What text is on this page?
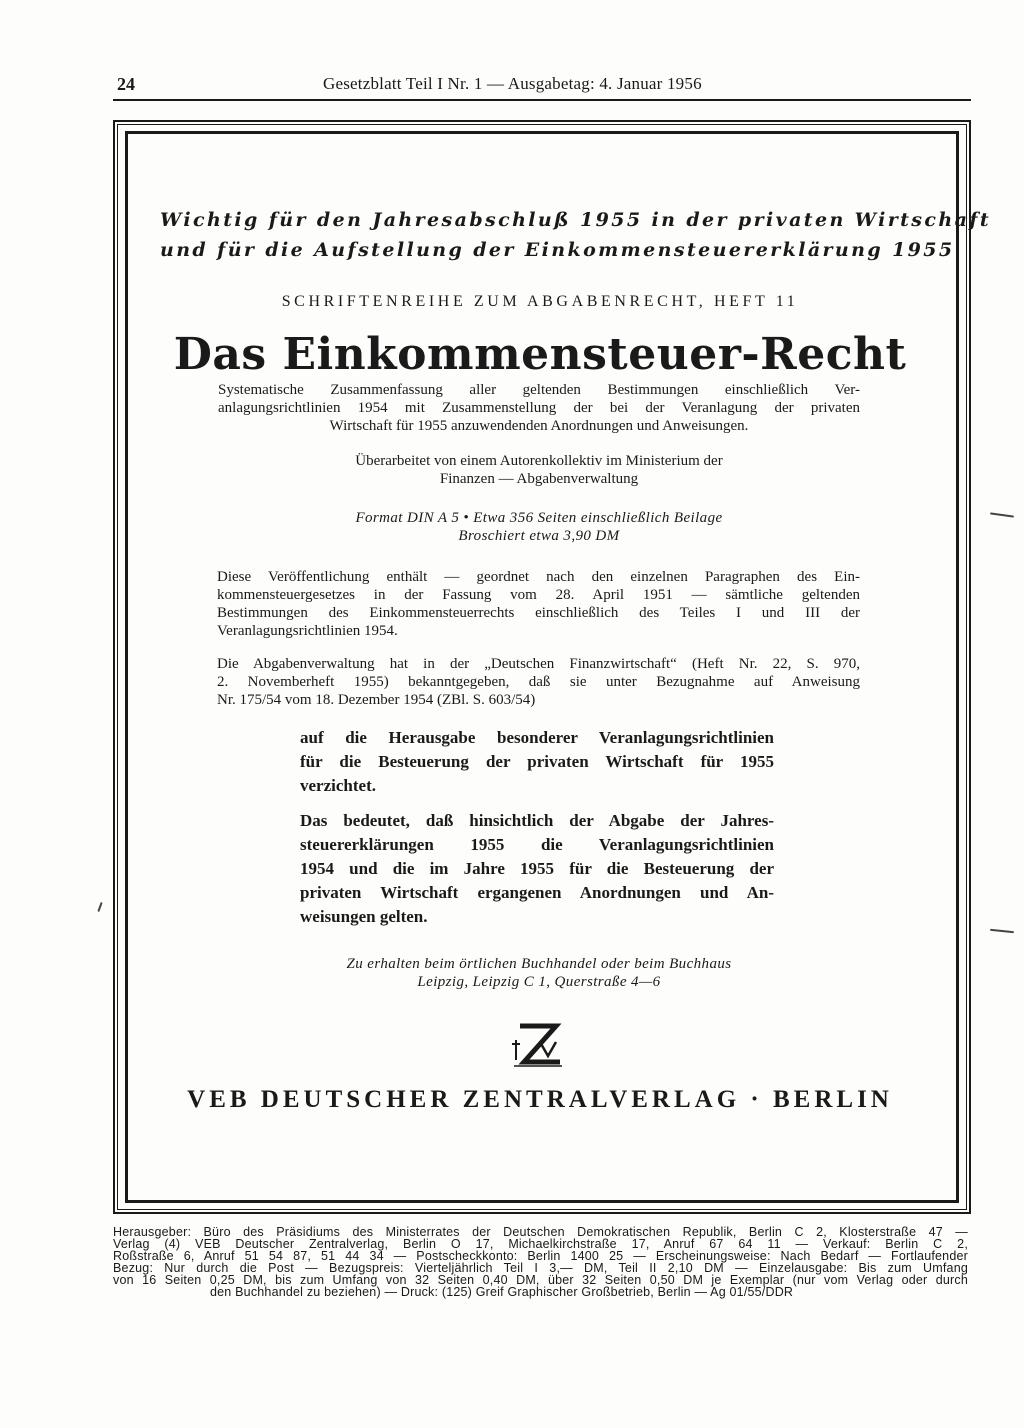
24	Gesetzblatt Teil I Nr. 1 — Ausgabetag: 4. Januar 1956
Wichtig für den Jahresabschluß 1955 in der privaten Wirtschaft
und für die Aufstellung der Einkommensteuererklärung 1955
SCHRIFTENREIHE ZUM ABGABENRECHT, HEFT 11
Das Einkommensteuer-Recht
Systematische Zusammenfassung aller geltenden Bestimmungen einschließlich Ver-
anlagungsrichtlinien 1954 mit Zusammenstellung der bei der Veranlagung der privaten
Wirtschaft für 1955 anzuwendenden Anordnungen und Anweisungen.
Überarbeitet von einem Autorenkollektiv im Ministerium der
Finanzen — Abgabenverwaltung
Format DIN A 5 • Etwa 356 Seiten einschließlich Beilage
Broschiert etwa 3,90 DM
Diese Veröffentlichung enthält — geordnet nach den einzelnen Paragraphen des Ein-
kommensteuergesetzes in der Fassung vom 28. April 1951 — sämtliche geltenden
Bestimmungen des Einkommensteuerrechts einschließlich des Teiles I und III der
Veranlagungsrichtlinien 1954.
Die Abgabenverwaltung hat in der „Deutschen Finanzwirtschaft“ (Heft Nr. 22, S. 970,
2. Novemberheft 1955) bekanntgegeben, daß sie unter Bezugnahme auf Anweisung
Nr. 175/54 vom 18. Dezember 1954 (ZBl. S. 603/54)
auf die Herausgabe besonderer Veranlagungsrichtlinien
für die Besteuerung der privaten Wirtschaft für 1955
verzichtet.
Das bedeutet, daß hinsichtlich der Abgabe der Jahres-
steuererklärungen 1955 die Veranlagungsrichtlinien
1954 und die im Jahre 1955 für die Besteuerung der
privaten Wirtschaft ergangenen Anordnungen und An-
weisungen gelten.
Zu erhalten beim örtlichen Buchhandel oder beim Buchhaus
Leipzig, Leipzig C 1, Querstraße 4—6
VEB DEUTSCHER ZENTRALVERLAG · BERLIN
Herausgeber: Büro des Präsidiums des Ministerrates der Deutschen Demokratischen Republik, Berlin C 2, Klosterstraße 47 —
Verlag (4) VEB Deutscher Zentralverlag, Berlin O 17, Michaelkirchstraße 17, Anruf 67 64 11 — Verkauf: Berlin C 2,
Roßstraße 6, Anruf 51 54 87, 51 44 34 — Postscheckkonto: Berlin 1400 25 — Erscheinungsweise: Nach Bedarf — Fortlaufender
Bezug: Nur durch die Post — Bezugspreis: Vierteljährlich Teil I 3,— DM, Teil II 2,10 DM — Einzelausgabe: Bis zum Umfang
von 16 Seiten 0,25 DM, bis zum Umfang von 32 Seiten 0,40 DM, über 32 Seiten 0,50 DM je Exemplar (nur vom Verlag oder durch
den Buchhandel zu beziehen) — Druck: (125) Greif Graphischer Großbetrieb, Berlin — Ag 01/55/DDR
